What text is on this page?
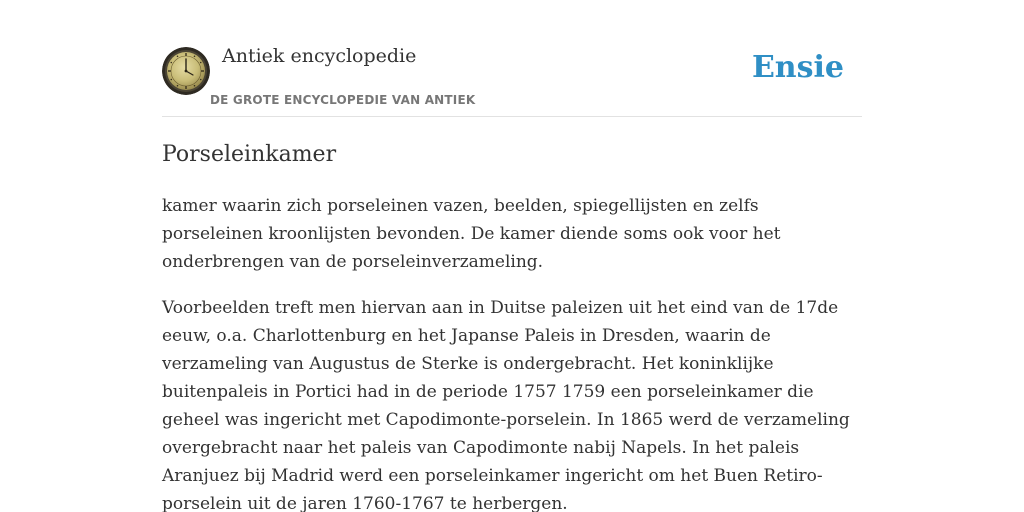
Antiek encyclopedie
DE GROTE ENCYCLOPEDIE VAN ANTIEK
Ensie
Porseleinkamer

kamer waarin zich porseleinen vazen, beelden, spiegellijsten en zelfs porseleinen kroonlijsten bevonden. De kamer diende soms ook voor het onderbrengen van de porseleinverzameling.

Voorbeelden treft men hiervan aan in Duitse paleizen uit het eind van de 17de eeuw, o.a. Charlottenburg en het Japanse Paleis in Dresden, waarin de verzameling van Augustus de Sterke is ondergebracht. Het koninklijke buitenpaleis in Portici had in de periode 1757 1759 een porseleinkamer die geheel was ingericht met Capodimonte-porselein. In 1865 werd de verzameling overgebracht naar het paleis van Capodimonte nabij Napels. In het paleis Aranjuez bij Madrid werd een porseleinkamer ingericht om het Buen Retiro-porselein uit de jaren 1760-1767 te herbergen.
